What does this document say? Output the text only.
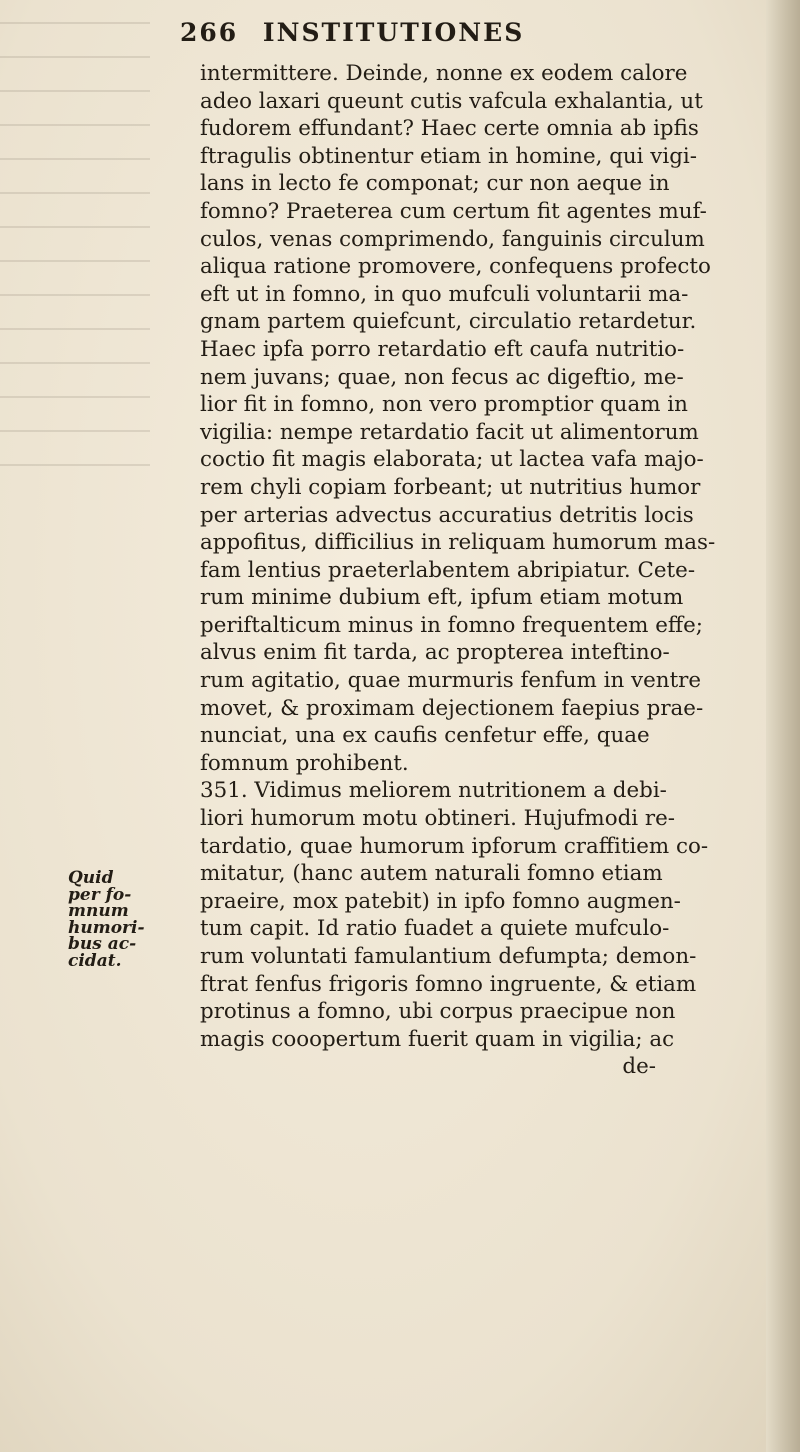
266 INSTITUTIONES
intermittere. Deinde, nonne ex eodem calore
adeo laxari queunt cutis vafcula exhalantia, ut
fudorem effundant? Haec certe omnia ab ipfis
ftragulis obtinentur etiam in homine, qui vigi-
lans in lecto fe componat; cur non aeque in
fomno? Praeterea cum certum fit agentes muf-
culos, venas comprimendo, fanguinis circulum
aliqua ratione promovere, confequens profecto
eft ut in fomno, in quo mufculi voluntarii ma-
gnam partem quiefcunt, circulatio retardetur.
Haec ipfa porro retardatio eft caufa nutritio-
nem juvans; quae, non fecus ac digeftio, me-
lior fit in fomno, non vero promptior quam in
vigilia: nempe retardatio facit ut alimentorum
coctio fit magis elaborata; ut lactea vafa majo-
rem chyli copiam forbeant; ut nutritius humor
per arterias advectus accuratius detritis locis
appofitus, difficilius in reliquam humorum mas-
fam lentius praeterlabentem abripiatur. Cete-
rum minime dubium eft, ipfum etiam motum
periftalticum minus in fomno frequentem effe;
alvus enim fit tarda, ac propterea inteftino-
rum agitatio, quae murmuris fenfum in ventre
movet, & proximam dejectionem faepius prae-
nunciat, una ex caufis cenfetur effe, quae
fomnum prohibent.
351. Vidimus meliorem nutritionem a debi-
liori humorum motu obtineri. Hujufmodi re-
tardatio, quae humorum ipforum craffitiem co-
mitatur, (hanc autem naturali fomno etiam
praeire, mox patebit) in ipfo fomno augmen-
tum capit. Id ratio fuadet a quiete mufculo-
rum voluntati famulantium defumpta; demon-
ftrat fenfus frigoris fomno ingruente, & etiam
protinus a fomno, ubi corpus praecipue non
magis cooopertum fuerit quam in vigilia; ac
de-
Quid
per fo-
mnum
humori-
bus ac-
cidat.
